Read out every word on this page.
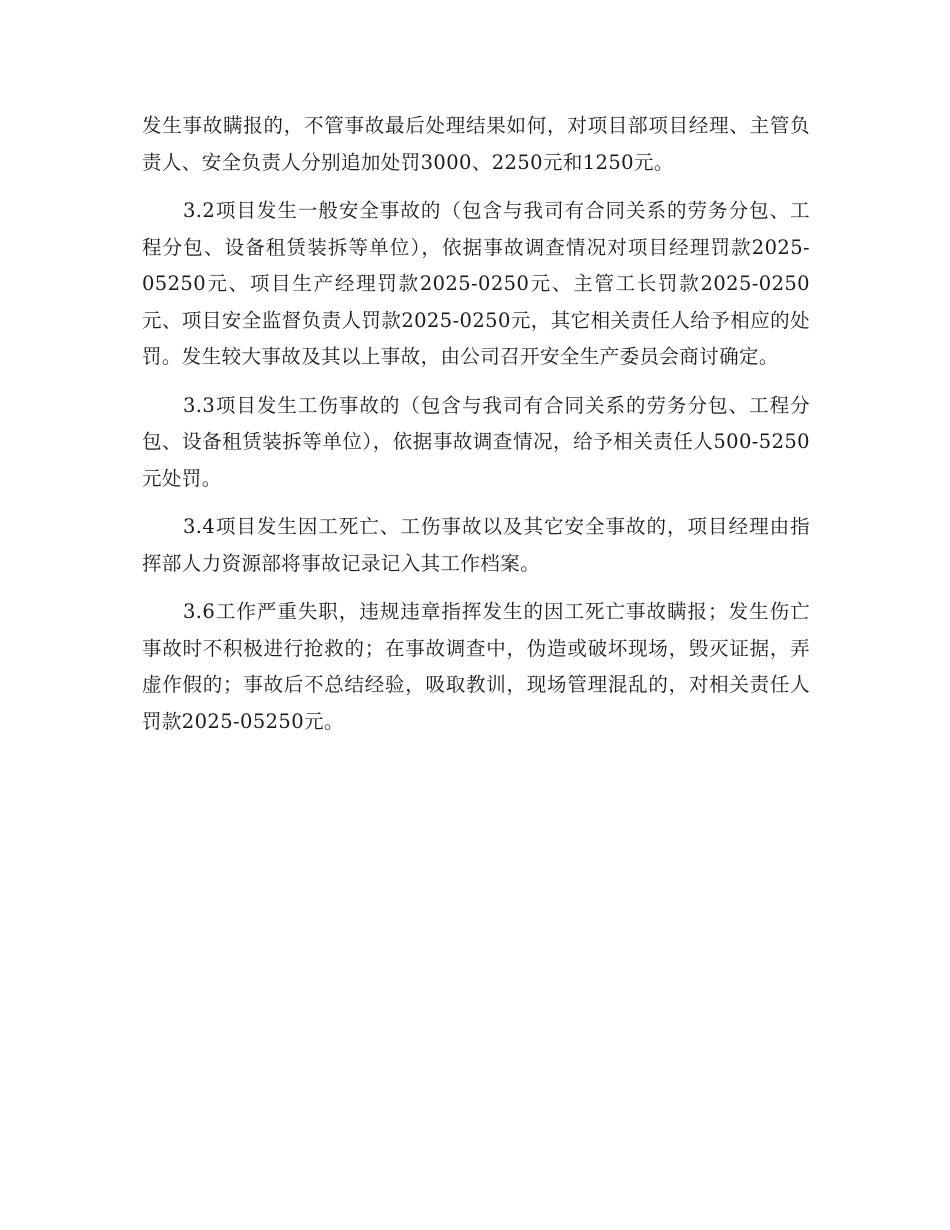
发生事故瞒报的，不管事故最后处理结果如何，对项目部项目经理、主管负责人、安全负责人分别追加处罚3000、2250元和1250元。

3.2项目发生一般安全事故的（包含与我司有合同关系的劳务分包、工程分包、设备租赁装拆等单位），依据事故调查情况对项目经理罚款2025-05250元、项目生产经理罚款2025-0250元、主管工长罚款2025-0250元、项目安全监督负责人罚款2025-0250元，其它相关责任人给予相应的处罚。发生较大事故及其以上事故，由公司召开安全生产委员会商讨确定。

3.3项目发生工伤事故的（包含与我司有合同关系的劳务分包、工程分包、设备租赁装拆等单位），依据事故调查情况，给予相关责任人500-5250元处罚。

3.4项目发生因工死亡、工伤事故以及其它安全事故的，项目经理由指挥部人力资源部将事故记录记入其工作档案。

3.6工作严重失职，违规违章指挥发生的因工死亡事故瞒报；发生伤亡事故时不积极进行抢救的；在事故调查中，伪造或破坏现场，毁灭证据，弄虚作假的；事故后不总结经验，吸取教训，现场管理混乱的，对相关责任人罚款2025-05250元。
